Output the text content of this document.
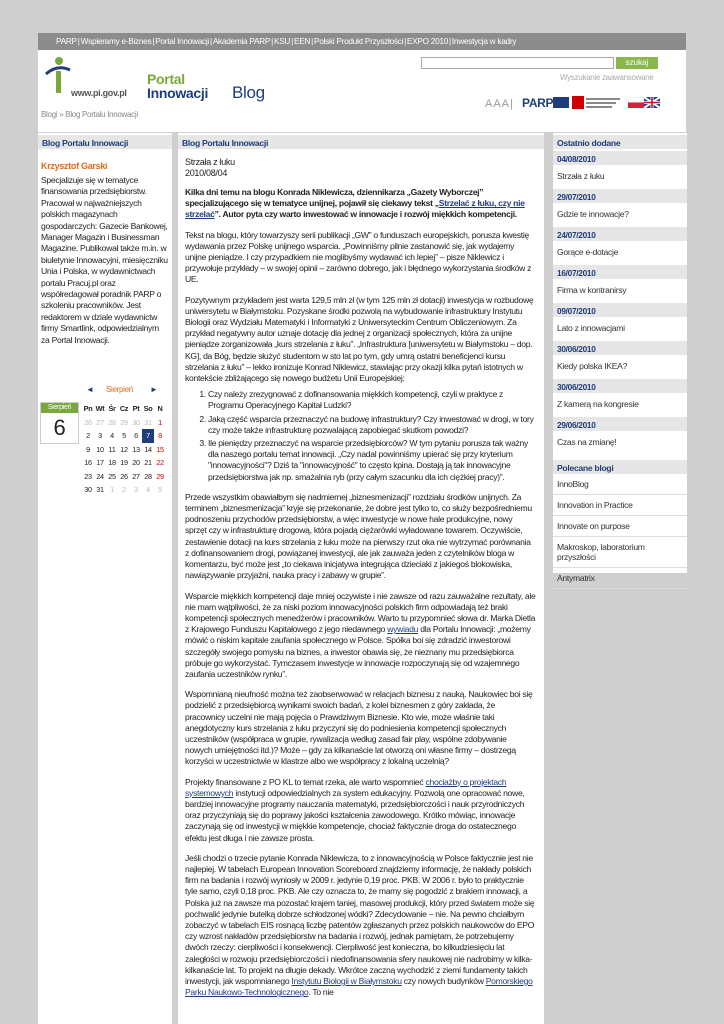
PARP|Wspieramy e-Biznes|Portal Innowacji|Akademia PARP|KSU|EEN|Polski Produkt Przyszłości|EXPO 2010|Inwestycja w kadry
www.pi.gov.pl
Portal
Innowacji Blog
Blogi » Blog Portalu Innowacji
szukaj
Wyszukanie zaawansowane
AAA| PARP
Blog Portalu Innowacji
Krzysztof Garski
Specjalizuje się w tematyce finansowania przedsiębiorstw. Pracował w najważniejszych polskich magazynach gospodarczych: Gazecie Bankowej, Manager Magazin i Businessman Magazine. Publikował także m.in. w biuletynie Innowacyjni, miesięczniku Unia i Polska, w wydawnictwach portalu Pracuj.pl oraz współredagował poradnik PARP o szkoleniu pracowników. Jest redaktorem w dziale wydawnictw firmy Smartlink, odpowiedzialnym za Portal Innowacji.
◄ Sierpień ►
Sierpień
6
Pn	Wt	Śr	Cz	Pt	So	N
26	27	28	29	30	31	1
2	3	4	5	6	7	8
9	10	11	12	13	14	15
16	17	18	19	20	21	22
23	24	25	26	27	28	29
30	31	1	2	3	4	5
Blog Portalu Innowacji
Strzała z łuku
2010/08/04

Kilka dni temu na blogu Konrada Niklewicza, dziennikarza „Gazety Wyborczej” specjalizującego się w tematyce unijnej, pojawił się ciekawy tekst „Strzelać z łuku, czy nie strzelać”. Autor pyta czy warto inwestować w innowacje i rozwój miękkich kompetencji.

Tekst na blogu, który towarzyszy serii publikacji „GW” o funduszach europejskich, porusza kwestię wydawania przez Polskę unijnego wsparcia. „Powinniśmy pilnie zastanowić się, jak wydajemy unijne pieniądze. I czy przypadkiem nie moglibyśmy wydawać ich lepiej” – pisze Niklewicz i przywołuje przykłady – w swojej opinii – zarówno dobrego, jak i błędnego wykorzystania środków z UE.

Pozytywnym przykładem jest warta 129,5 mln zł (w tym 125 mln zł dotacji) inwestycja w rozbudowę uniwersytetu w Białymstoku. Pozyskane środki pozwolą na wybudowanie infrastruktury Instytutu Biologii oraz Wydziału Matematyki i Informatyki z Uniwersyteckim Centrum Obliczeniowym. Za przykład negatywny autor uznaje dotację dla jednej z organizacji społecznych, która za unijne pieniądze zorganizowała „kurs strzelania z łuku”. „Infrastruktura [uniwersytetu w Białymstoku – dop. KG], da Bóg, będzie służyć studentom w sto lat po tym, gdy umrą ostatni beneficjenci kursu strzelania z łuku” – lekko ironizuje Konrad Niklewicz, stawiając przy okazji kilka pytań istotnych w kontekście zbliżającego się nowego budżetu Unii Europejskiej:

1. Czy należy zrezygnować z dofinansowania miękkich kompetencji, czyli w praktyce z Programu Operacyjnego Kapitał Ludzki?
2. Jaką część wsparcia przeznaczyć na budowę infrastruktury? Czy inwestować w drogi, w tory czy może także infrastrukturę pozwalającą zapobiegać skutkom powodzi?
3. Ile pieniędzy przeznaczyć na wsparcie przedsiębiorców? W tym pytaniu porusza tak ważny dla naszego portalu temat innowacji. „Czy nadal powinniśmy upierać się przy kryterium "innowacyjności"? Dziś ta "innowacyjność" to często kpina. Dostają ją tak innowacyjne przedsiębiorstwa jak np. smażalnia ryb (przy całym szacunku dla ich ciężkiej pracy)”.

Przede wszystkim obawiałbym się nadmiernej „biznesmenizacji” rozdziału środków unijnych. Za terminem „biznesmenizacja” kryje się przekonanie, że dobre jest tylko to, co służy bezpośredniemu podnoszeniu przychodów przedsiębiorstw, a więc inwestycje w nowe hale produkcyjne, nowy sprzęt czy w infrastrukturę drogową, która pojadą ciężarówki wyładowane towarem. Oczywiście, zestawienie dotacji na kurs strzelania z łuku może na pierwszy rzut oka nie wytrzymać porównania z dofinansowaniem drogi, powiązanej inwestycji, ale jak zauważa jeden z czytelników bloga w komentarzu, być może jest „to ciekawa inicjatywa integrująca dzieciaki z jakiegoś blokowiska, nawiązywanie przyjaźni, nauka pracy i zabawy w grupie”.

Wsparcie miękkich kompetencji daje mniej oczywiste i nie zawsze od razu zauważalne rezultaty, ale nie mam wątpliwości, że za niski poziom innowacyjności polskich firm odpowiadają też braki kompetencji społecznych menedżerów i pracowników. Warto tu przypomnieć słowa dr. Marka Dietla z Krajowego Funduszu Kapitałowego z jego niedawnego wywiadu dla Portalu Innowacji: „możemy mówić o niskim kapitale zaufania społecznego w Polsce. Spółka boi się zdradzić inwestorowi szczegóły swojego pomysłu na biznes, a inwestor obawia się, że nieznany mu przedsiębiorca próbuje go wykorzystać. Tymczasem inwestycje w innowacje rozpoczynają się od wzajemnego zaufania uczestników rynku”.

Wspomnianą nieufność można też zaobserwować w relacjach biznesu z nauką. Naukowiec boi się podzielić z przedsiębiorcą wynikami swoich badań, z kolei biznesmen z góry zakłada, że pracownicy uczelni nie mają pojęcia o Prawdziwym Biznesie. Kto wie, może właśnie taki anegdotyczny kurs strzelania z łuku przyczyni się do podniesienia kompetencji społecznych uczestników (współpraca w grupie, rywalizacja według zasad fair play, wspólne zdobywanie nowych umiejętności itd.)? Może – gdy za kilkanaście lat otworzą oni własne firmy – dostrzegą korzyści w uczestnictwie w klastrze albo we współpracy z lokalną uczelnią?

Projekty finansowane z PO KL to temat rzeka, ale warto wspomnieć chociażby o projektach systemowych instytucji odpowiedzialnych za system edukacyjny. Pozwolą one opracować nowe, bardziej innowacyjne programy nauczania matematyki, przedsiębiorczości i nauk przyrodniczych oraz przyczyniają się do poprawy jakości kształcenia zawodowego. Krótko mówiąc, innowacje zaczynają się od inwestycji w miękkie kompetencje, chociaż faktycznie droga do ostatecznego efektu jest długa i nie zawsze prosta.

Jeśli chodzi o trzecie pytanie Konrada Niklewicza, to z innowacyjnością w Polsce faktycznie jest nie najlepiej. W tabelach European Innovation Scoreboard znajdziemy informację, że nakłady polskich firm na badania i rozwój wyniosły w 2009 r. jedynie 0,19 proc. PKB. W 2006 r. było to praktycznie tyle samo, czyli 0,18 proc. PKB. Ale czy oznacza to, że mamy się pogodzić z brakiem innowacji, a Polska już na zawsze ma pozostać krajem taniej, masowej produkcji, który przed światem może się pochwalić jedynie butelką dobrze schłodzonej wódki? Zdecydowanie – nie. Na pewno chciałbym zobaczyć w tabelach EIS rosnącą liczbę patentów zgłaszanych przez polskich naukowców do EPO czy wzrost nakładów przedsiębiorstw na badania i rozwój, jednak pamiętam, że potrzebujemy dwóch rzeczy: cierpliwości i konsekwencji. Cierpliwość jest konieczna, bo kilkudziesięciu lat zaległości w rozwoju przedsiębiorczości i niedofinansowania sfery naukowej nie nadrobimy w kilka-kilkanaście lat. To projekt na długie dekady. Wkrótce zaczną wychodzić z ziemi fundamenty takich inwestycji, jak wspomnianego Instytutu Biologii w Białymstoku czy nowych budynków Pomorskiego Parku Naukowo-Technologicznego. To nie

Ostatnio dodane
04/08/2010
Strzała z łuku
29/07/2010
Gdzie te innowacje?
24/07/2010
Gorące e-dotacje
16/07/2010
Firma w kontranirsy
09/07/2010
Lato z innowacjami
30/06/2010
Kiedy polska IKEA?
30/06/2010
Z kamerą na kongresie
29/06/2010
Czas na zmianę!
Polecane blogi
InnoBlog
Innovation in Practice
Innovate on purpose
Makroskop, laboratorium przyszłości
Antymatrix
